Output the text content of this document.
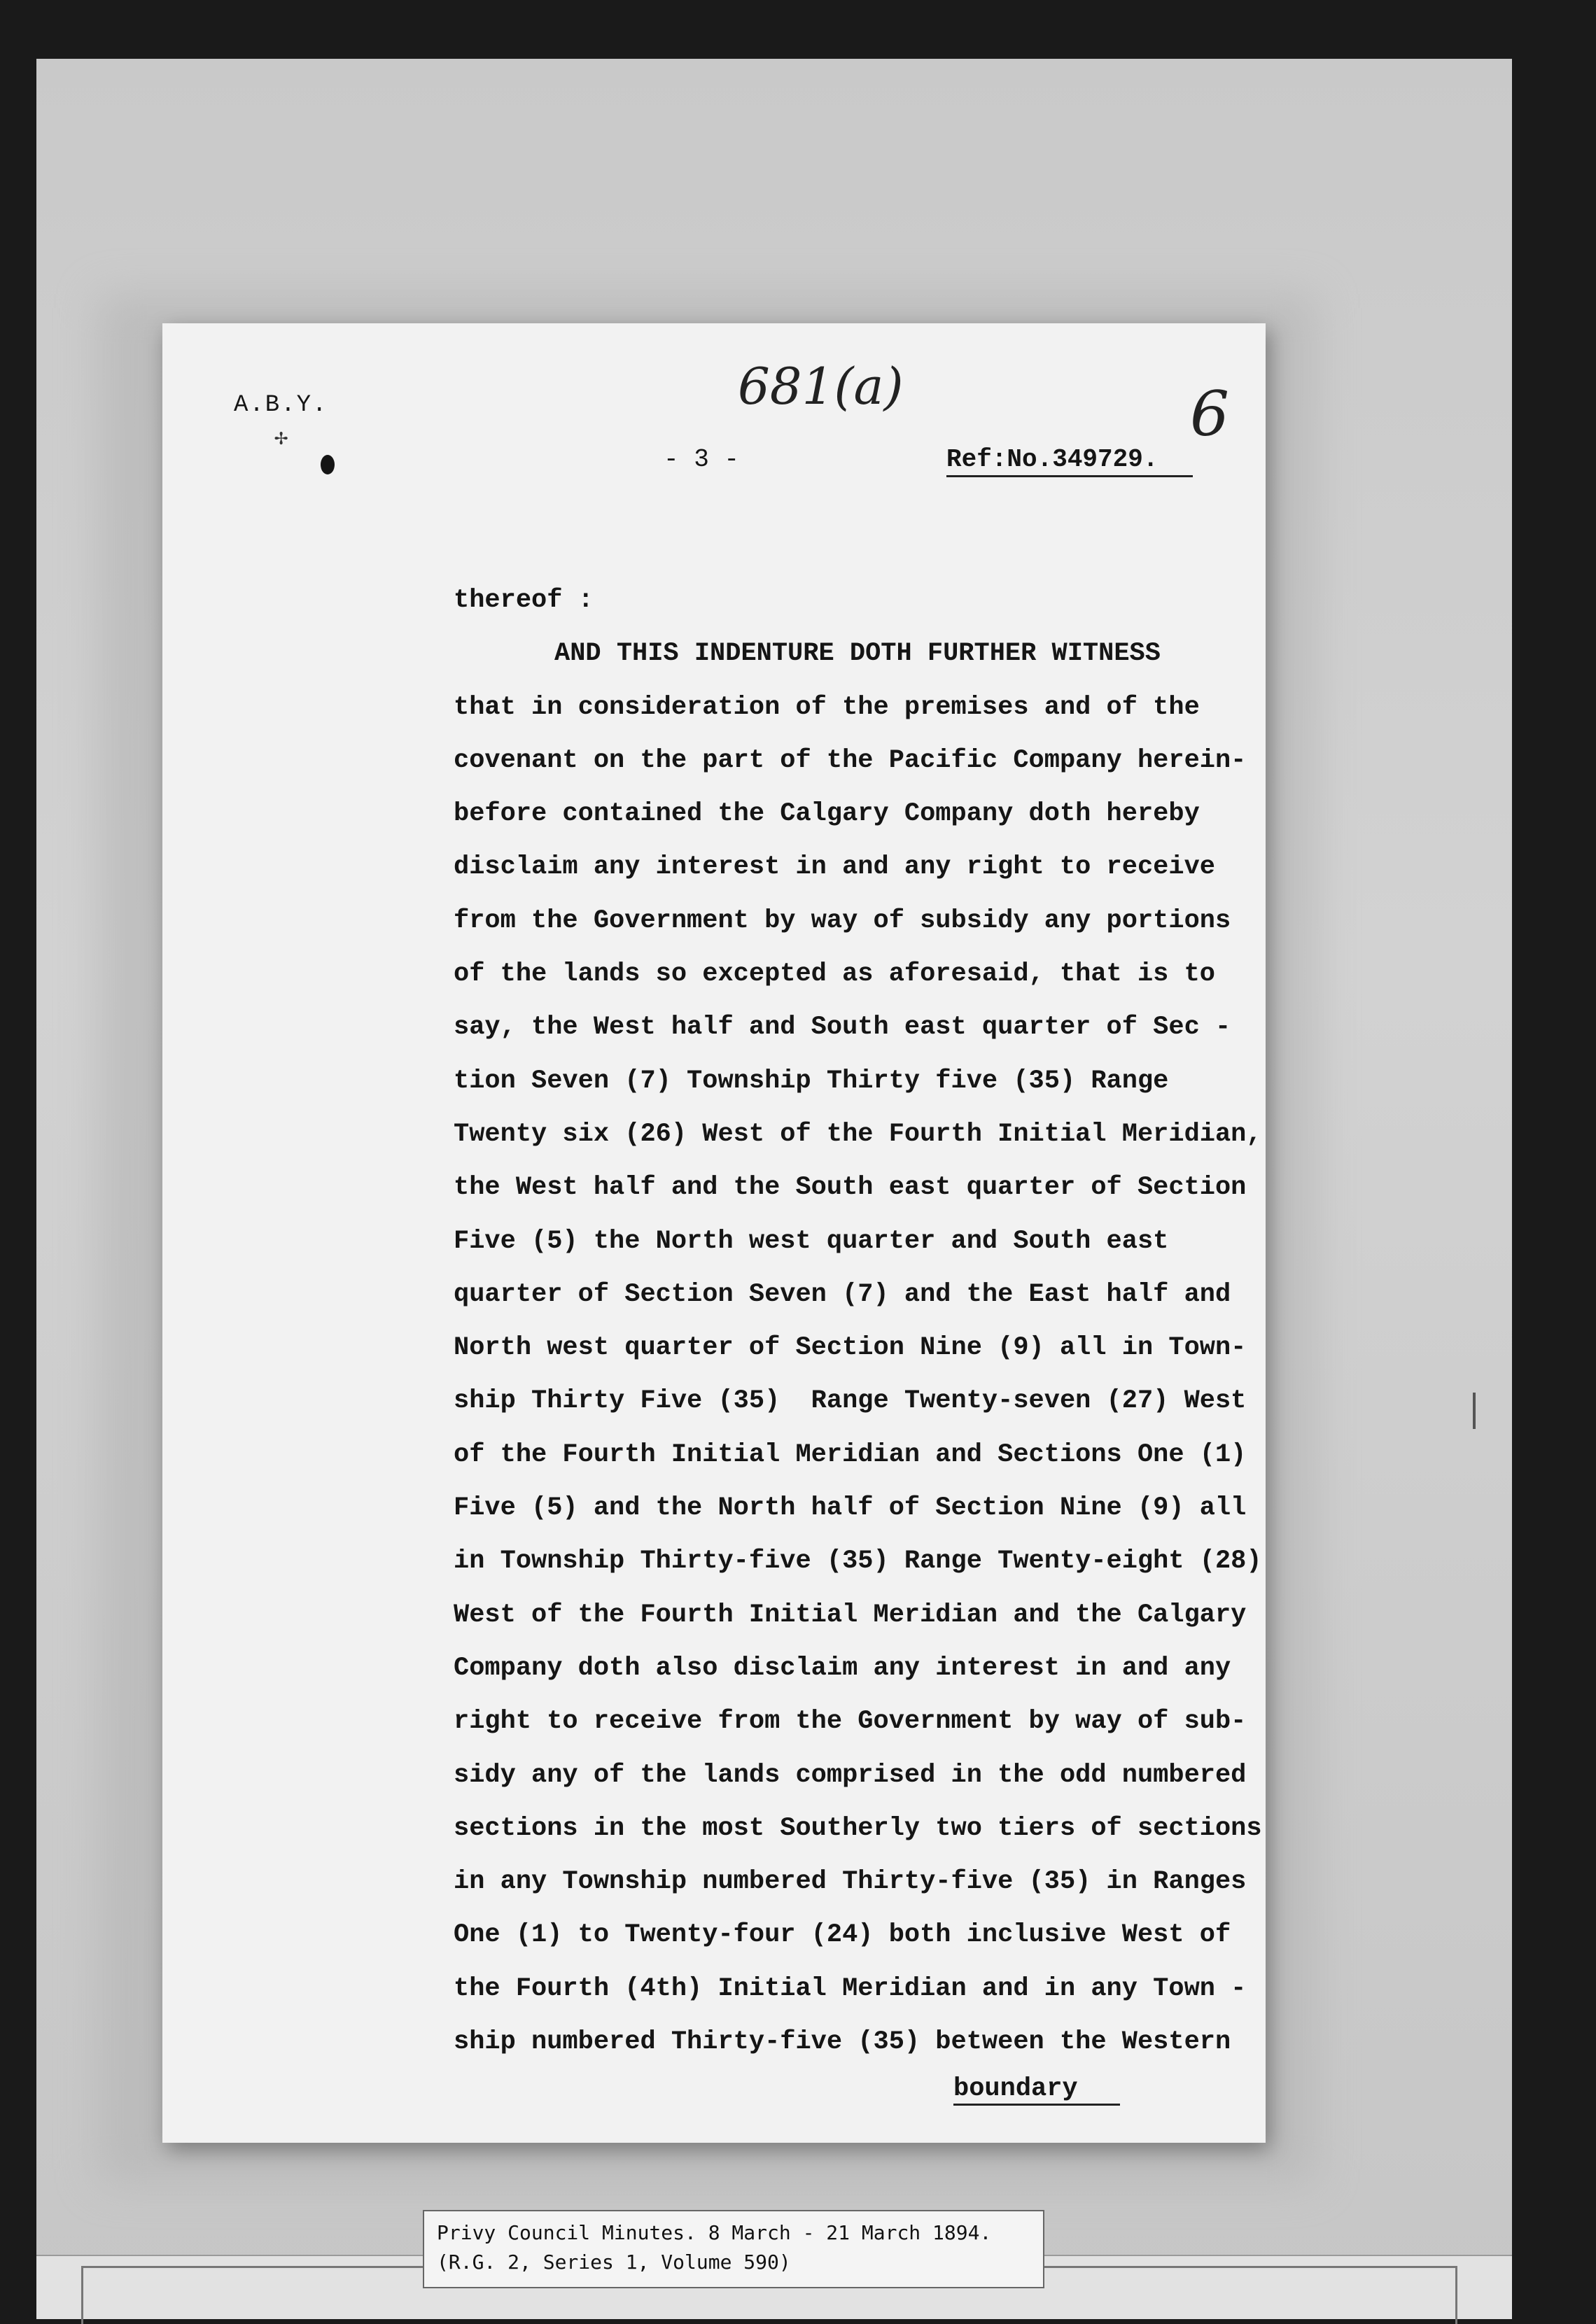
✢
A.B.Y.	681(a)	6
- 3 -	Ref:No.349729.
thereof :
AND THIS INDENTURE DOTH FURTHER WITNESS
that in consideration of the premises and of the
covenant on the part of the Pacific Company herein-
before contained the Calgary Company doth hereby
disclaim any interest in and any right to receive
from the Government by way of subsidy any portions
of the lands so excepted as aforesaid, that is to
say, the West half and South east quarter of Sec -
tion Seven (7) Township Thirty five (35) Range
Twenty six (26) West of the Fourth Initial Meridian,
the West half and the South east quarter of Section
Five (5) the North west quarter and South east
quarter of Section Seven (7) and the East half and
North west quarter of Section Nine (9) all in Town-
ship Thirty Five (35)  Range Twenty-seven (27) West
of the Fourth Initial Meridian and Sections One (1)
Five (5) and the North half of Section Nine (9) all
in Township Thirty-five (35) Range Twenty-eight (28)
West of the Fourth Initial Meridian and the Calgary
Company doth also disclaim any interest in and any
right to receive from the Government by way of sub-
sidy any of the lands comprised in the odd numbered
sections in the most Southerly two tiers of sections
in any Township numbered Thirty-five (35) in Ranges
One (1) to Twenty-four (24) both inclusive West of
the Fourth (4th) Initial Meridian and in any Town -
ship numbered Thirty-five (35) between the Western
boundary
Privy Council Minutes. 8 March - 21 March 1894.
(R.G. 2, Series 1, Volume 590)
